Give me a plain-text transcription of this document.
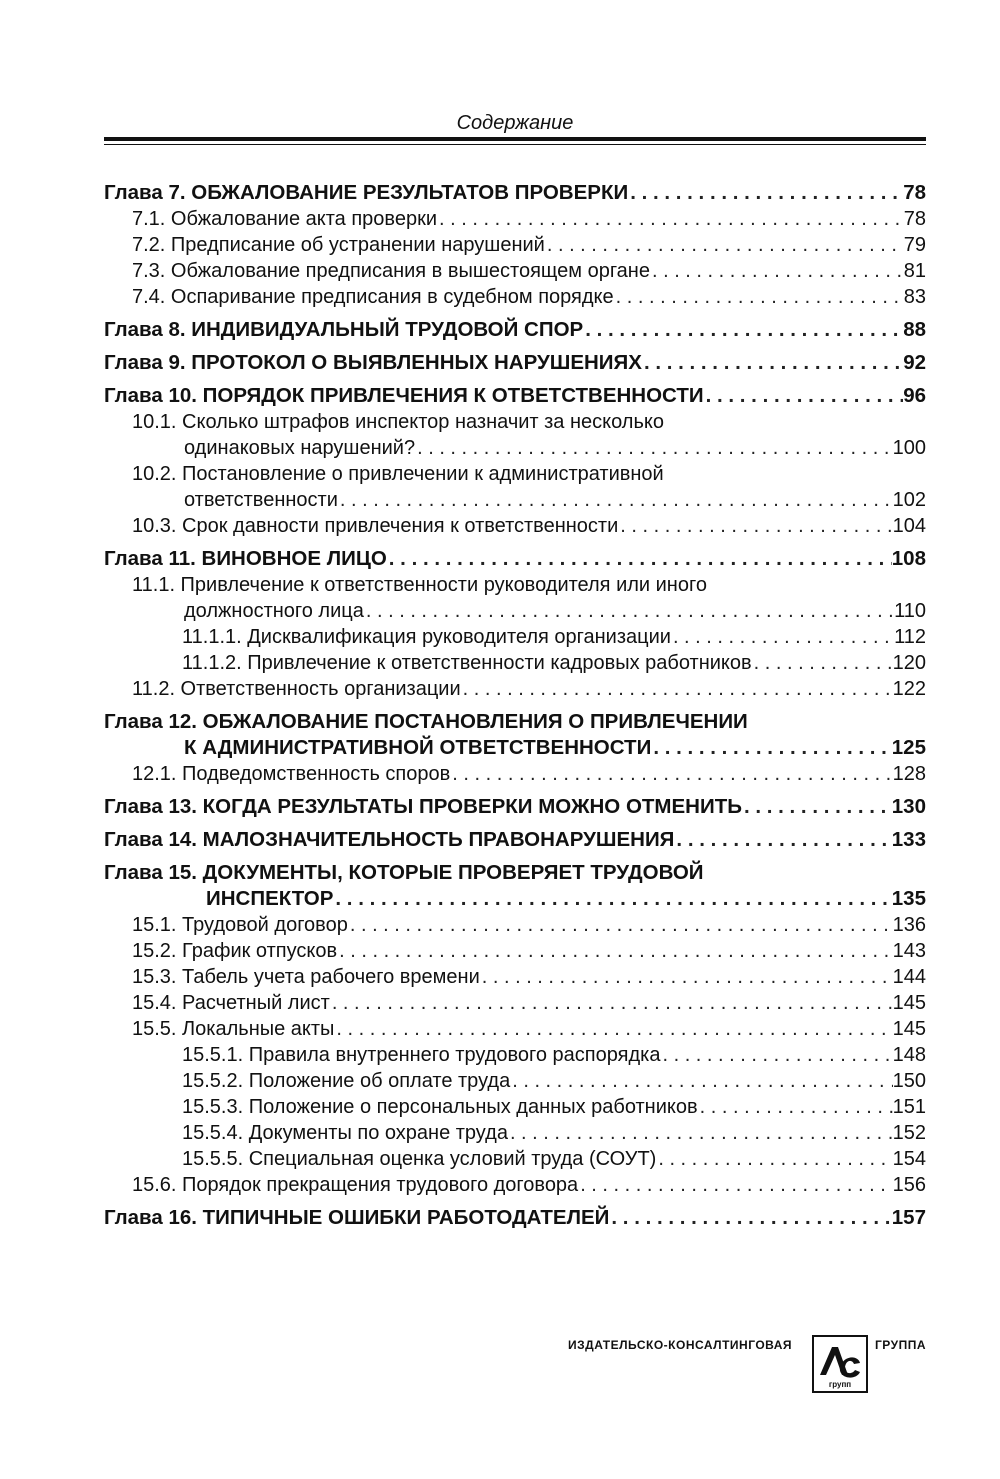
Содержание
Глава 7. ОБЖАЛОВАНИЕ РЕЗУЛЬТАТОВ ПРОВЕРКИ . . .	78
7.1. Обжалование акта проверки . . .	78
7.2. Предписание об устранении нарушений . . .	79
7.3. Обжалование предписания в вышестоящем органе . . .	81
7.4. Оспаривание предписания в судебном порядке . . .	83
Глава 8. ИНДИВИДУАЛЬНЫЙ ТРУДОВОЙ СПОР . . .	88
Глава 9. ПРОТОКОЛ О ВЫЯВЛЕННЫХ НАРУШЕНИЯХ . . .	92
Глава 10. ПОРЯДОК ПРИВЛЕЧЕНИЯ К ОТВЕТСТВЕННОСТИ . . .	96
10.1. Сколько штрафов инспектор назначит за несколько
одинаковых нарушений? . . .	100
10.2. Постановление о привлечении к административной
ответственности . . .	102
10.3. Срок давности привлечения к ответственности . . .	104
Глава 11. ВИНОВНОЕ ЛИЦО . . .	108
11.1. Привлечение к ответственности руководителя или иного
должностного лица . . .	110
11.1.1. Дисквалификация руководителя организации . . .	112
11.1.2. Привлечение к ответственности кадровых работников . . .	120
11.2. Ответственность организации . . .	122
Глава 12. ОБЖАЛОВАНИЕ ПОСТАНОВЛЕНИЯ О ПРИВЛЕЧЕНИИ
К АДМИНИСТРАТИВНОЙ ОТВЕТСТВЕННОСТИ . . .	125
12.1. Подведомственность споров . . .	128
Глава 13. КОГДА РЕЗУЛЬТАТЫ ПРОВЕРКИ МОЖНО ОТМЕНИТЬ . . .	130
Глава 14. МАЛОЗНАЧИТЕЛЬНОСТЬ ПРАВОНАРУШЕНИЯ . . .	133
Глава 15. ДОКУМЕНТЫ, КОТОРЫЕ ПРОВЕРЯЕТ ТРУДОВОЙ
ИНСПЕКТОР . . .	135
15.1. Трудовой договор . . .	136
15.2. График отпусков . . .	143
15.3. Табель учета рабочего времени . . .	144
15.4. Расчетный лист . . .	145
15.5. Локальные акты . . .	145
15.5.1. Правила внутреннего трудового распорядка . . .	148
15.5.2. Положение об оплате труда . . .	150
15.5.3. Положение о персональных данных работников . . .	151
15.5.4. Документы по охране труда . . .	152
15.5.5. Специальная оценка условий труда (СОУТ) . . .	154
15.6. Порядок прекращения трудового договора . . .	156
Глава 16. ТИПИЧНЫЕ ОШИБКИ РАБОТОДАТЕЛЕЙ . . .	157
ИЗДАТЕЛЬСКО-КОНСАЛТИНГОВАЯ
групп
ГРУППА
